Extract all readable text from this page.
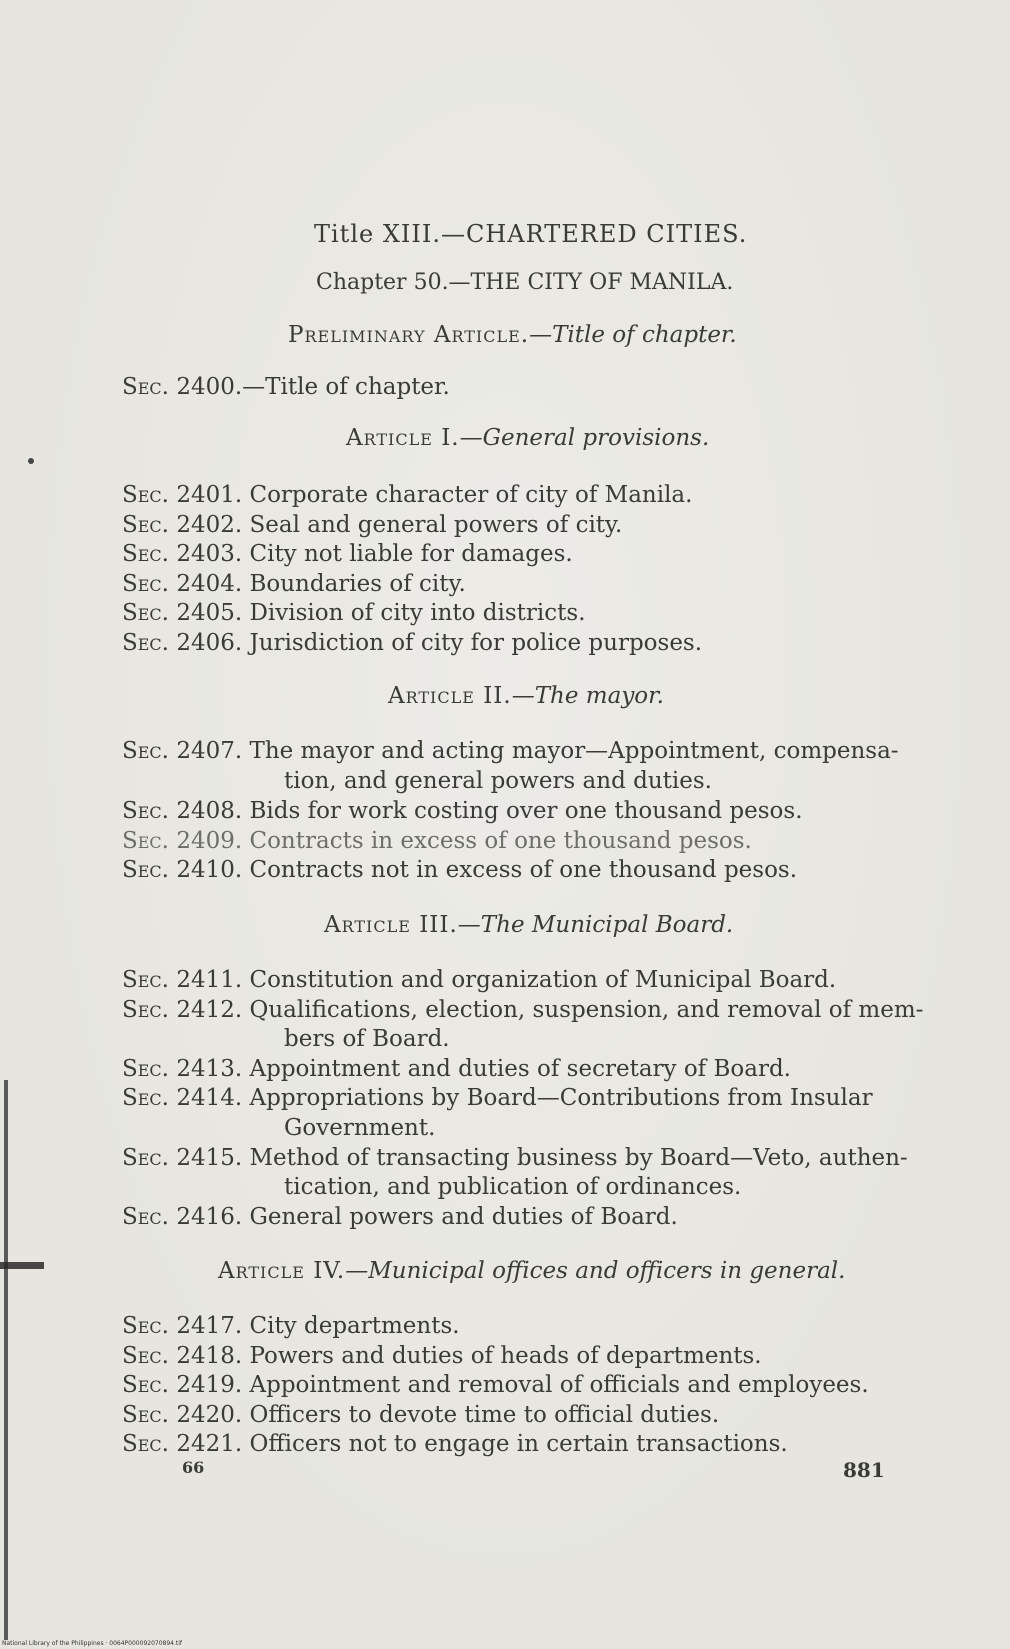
Title XIII.—CHARTERED CITIES.
Chapter 50.—THE CITY OF MANILA.
Preliminary Article.—Title of chapter.
Sec. 2400.—Title of chapter.
Article I.—General provisions.
Sec. 2401. Corporate character of city of Manila.
Sec. 2402. Seal and general powers of city.
Sec. 2403. City not liable for damages.
Sec. 2404. Boundaries of city.
Sec. 2405. Division of city into districts.
Sec. 2406. Jurisdiction of city for police purposes.
Article II.—The mayor.
Sec. 2407. The mayor and acting mayor—Appointment, compensa-
tion, and general powers and duties.
Sec. 2408. Bids for work costing over one thousand pesos.
Sec. 2409. Contracts in excess of one thousand pesos.
Sec. 2410. Contracts not in excess of one thousand pesos.
Article III.—The Municipal Board.
Sec. 2411. Constitution and organization of Municipal Board.
Sec. 2412. Qualifications, election, suspension, and removal of mem-
bers of Board.
Sec. 2413. Appointment and duties of secretary of Board.
Sec. 2414. Appropriations by Board—Contributions from Insular
Government.
Sec. 2415. Method of transacting business by Board—Veto, authen-
tication, and publication of ordinances.
Sec. 2416. General powers and duties of Board.
Article IV.—Municipal offices and officers in general.
Sec. 2417. City departments.
Sec. 2418. Powers and duties of heads of departments.
Sec. 2419. Appointment and removal of officials and employees.
Sec. 2420. Officers to devote time to official duties.
Sec. 2421. Officers not to engage in certain transactions.
66	881
National Library of the Philippines · 0064P000092070894.tif
